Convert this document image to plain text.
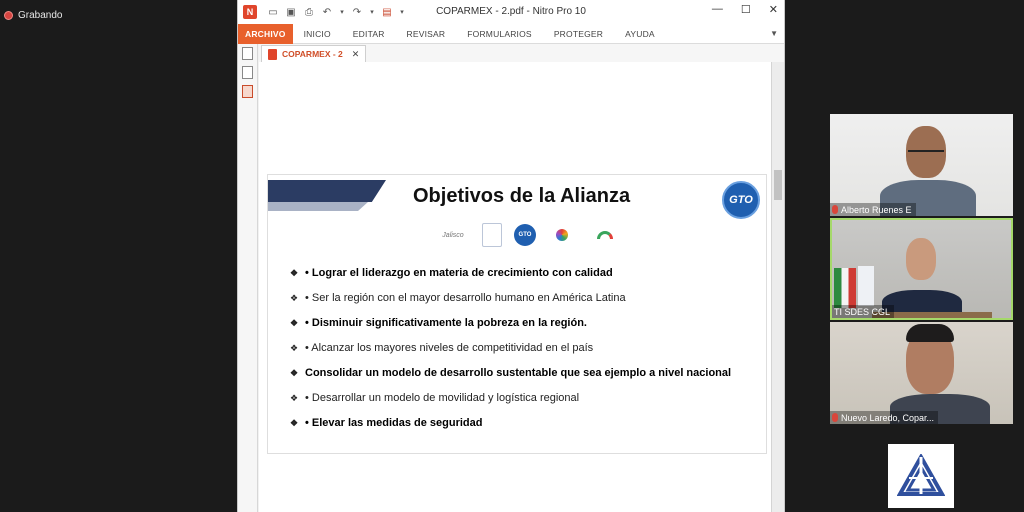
Grabando	N	▭ ▣ ⎙ ↶ ▾ ↷ ▾ ▤ ▾	COPARMEX - 2.pdf - Nitro Pro 10	— ☐ ✕
ARCHIVO	INICIO	EDITAR	REVISAR	FORMULARIOS	PROTEGER	AYUDA	▼
COPARMEX - 2 ✕
Objetivos de la Alianza	GTO
Jalisco	GTO
❖ • Lograr el liderazgo en materia de crecimiento con calidad
❖ • Ser la región con el mayor desarrollo humano en América Latina
❖ • Disminuir significativamente la pobreza en la región.
❖ • Alcanzar los mayores niveles de competitividad en el país
❖ Consolidar un modelo de desarrollo sustentable que sea ejemplo a nivel nacional
❖ • Desarrollar un modelo de movilidad y logística regional
❖ • Elevar las medidas de seguridad
Alberto Ruenes E
TI SDES CGL
Nuevo Laredo, Copar...
